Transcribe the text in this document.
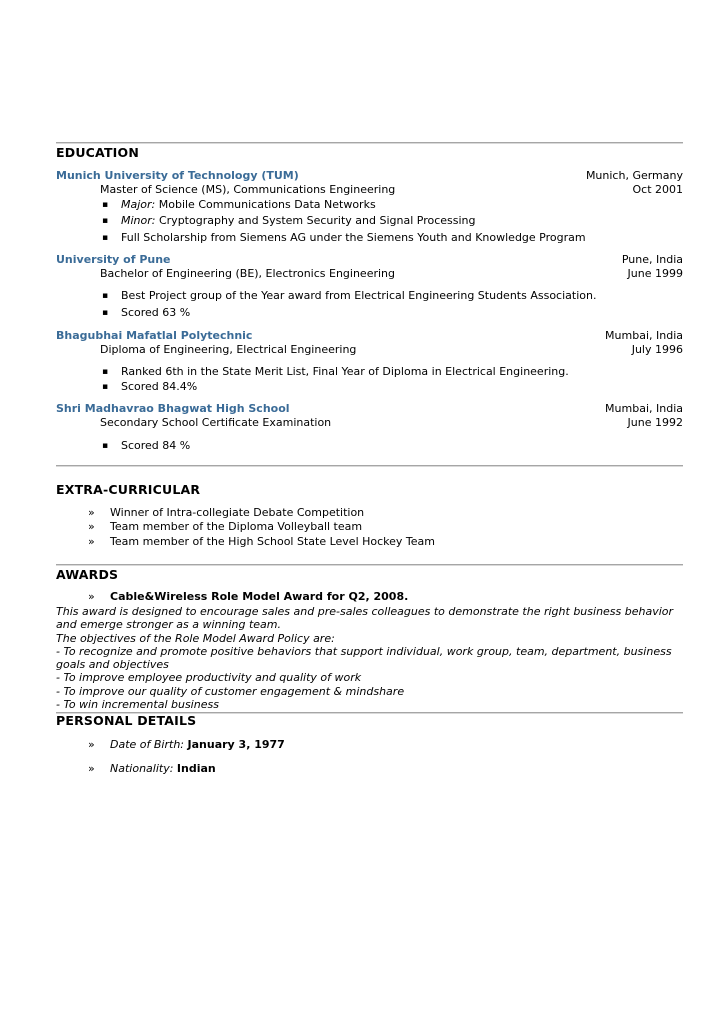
EDUCATION
Munich University of Technology (TUM)	Munich, Germany
Master of Science (MS), Communications Engineering	Oct 2001
▪ Major: Mobile Communications Data Networks
▪ Minor: Cryptography and System Security and Signal Processing
▪ Full Scholarship from Siemens AG under the Siemens Youth and Knowledge Program
University of Pune	Pune, India
Bachelor of Engineering (BE), Electronics Engineering	June 1999
▪ Best Project group of the Year award from Electrical Engineering Students Association.
▪ Scored 63 %
Bhagubhai Mafatlal Polytechnic	Mumbai, India
Diploma of Engineering, Electrical Engineering	July 1996
▪ Ranked 6th in the State Merit List, Final Year of Diploma in Electrical Engineering.
▪ Scored 84.4%
Shri Madhavrao Bhagwat High School	Mumbai, India
Secondary School Certificate Examination	June 1992
▪ Scored 84 %
EXTRA-CURRICULAR
» Winner of Intra-collegiate Debate Competition
» Team member of the Diploma Volleyball team
» Team member of the High School State Level Hockey Team
AWARDS
» Cable&Wireless Role Model Award for Q2, 2008.
This award is designed to encourage sales and pre-sales colleagues to demonstrate the right business behavior
and emerge stronger as a winning team.
The objectives of the Role Model Award Policy are:
- To recognize and promote positive behaviors that support individual, work group, team, department, business
goals and objectives
- To improve employee productivity and quality of work
- To improve our quality of customer engagement & mindshare
- To win incremental business
PERSONAL DETAILS
» Date of Birth: January 3, 1977
» Nationality: Indian
